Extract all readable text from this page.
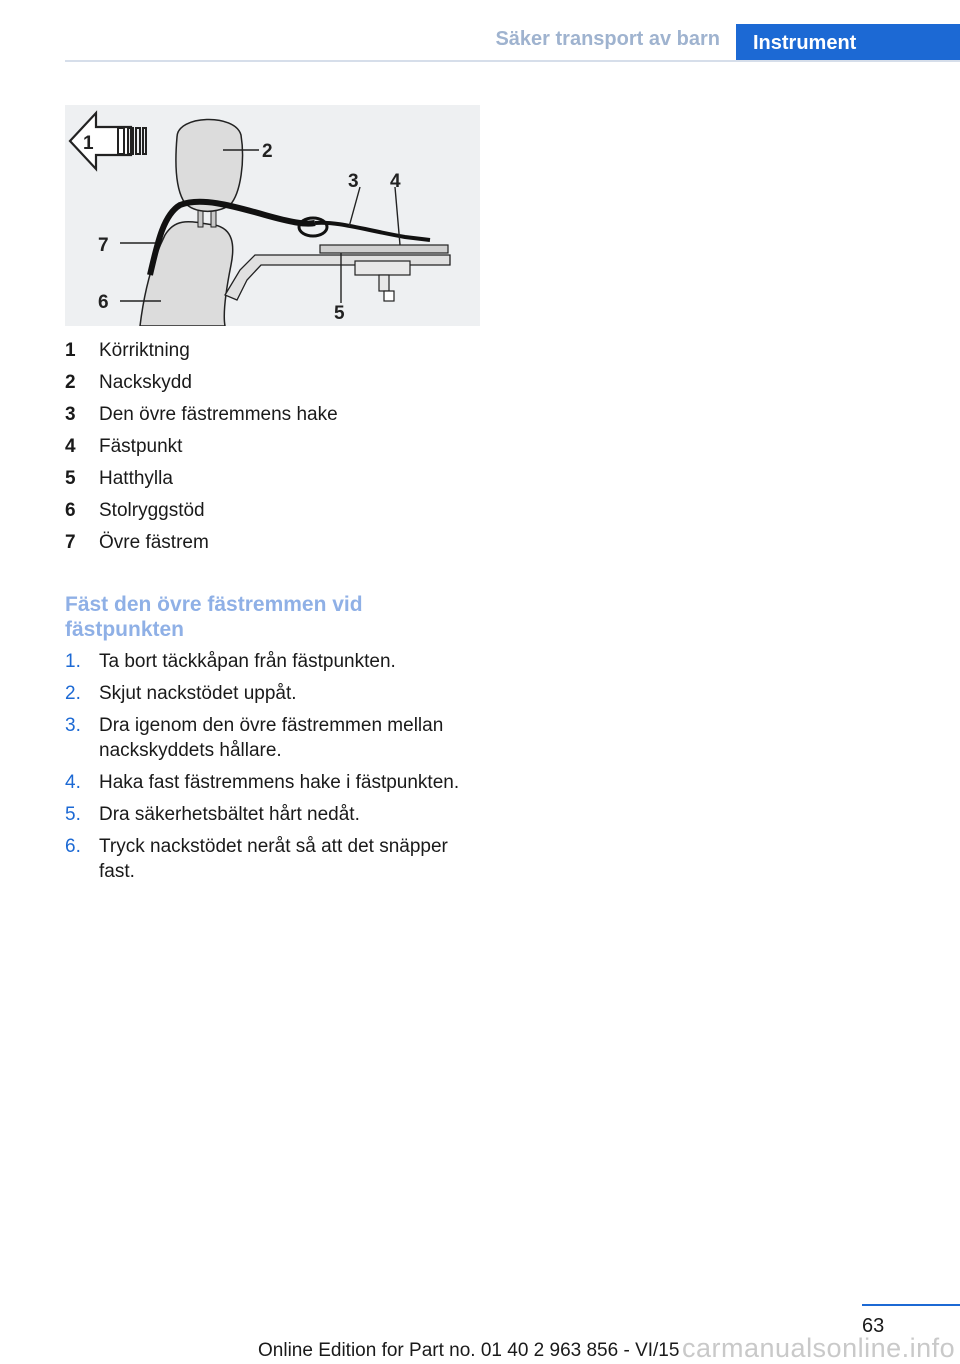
Säker transport av barn Instrument
1	2
3 4
5
6
7
1 Körriktning
2 Nackskydd
3 Den övre fästremmens hake
4 Fästpunkt
5 Hatthylla
6 Stolryggstöd
7 Övre fästrem
Fäst den övre fästremmen vid fästpunkten
1. Ta bort täckkåpan från fästpunkten.
2. Skjut nackstödet uppåt.
3. Dra igenom den övre fästremmen mellan nackskyddets hållare.
4. Haka fast fästremmens hake i fästpunkten.
5. Dra säkerhetsbältet hårt nedåt.
6. Tryck nackstödet neråt så att det snäpper fast.
63
Online Edition for Part no. 01 40 2 963 856 - VI/15 carmanualsonline.info
